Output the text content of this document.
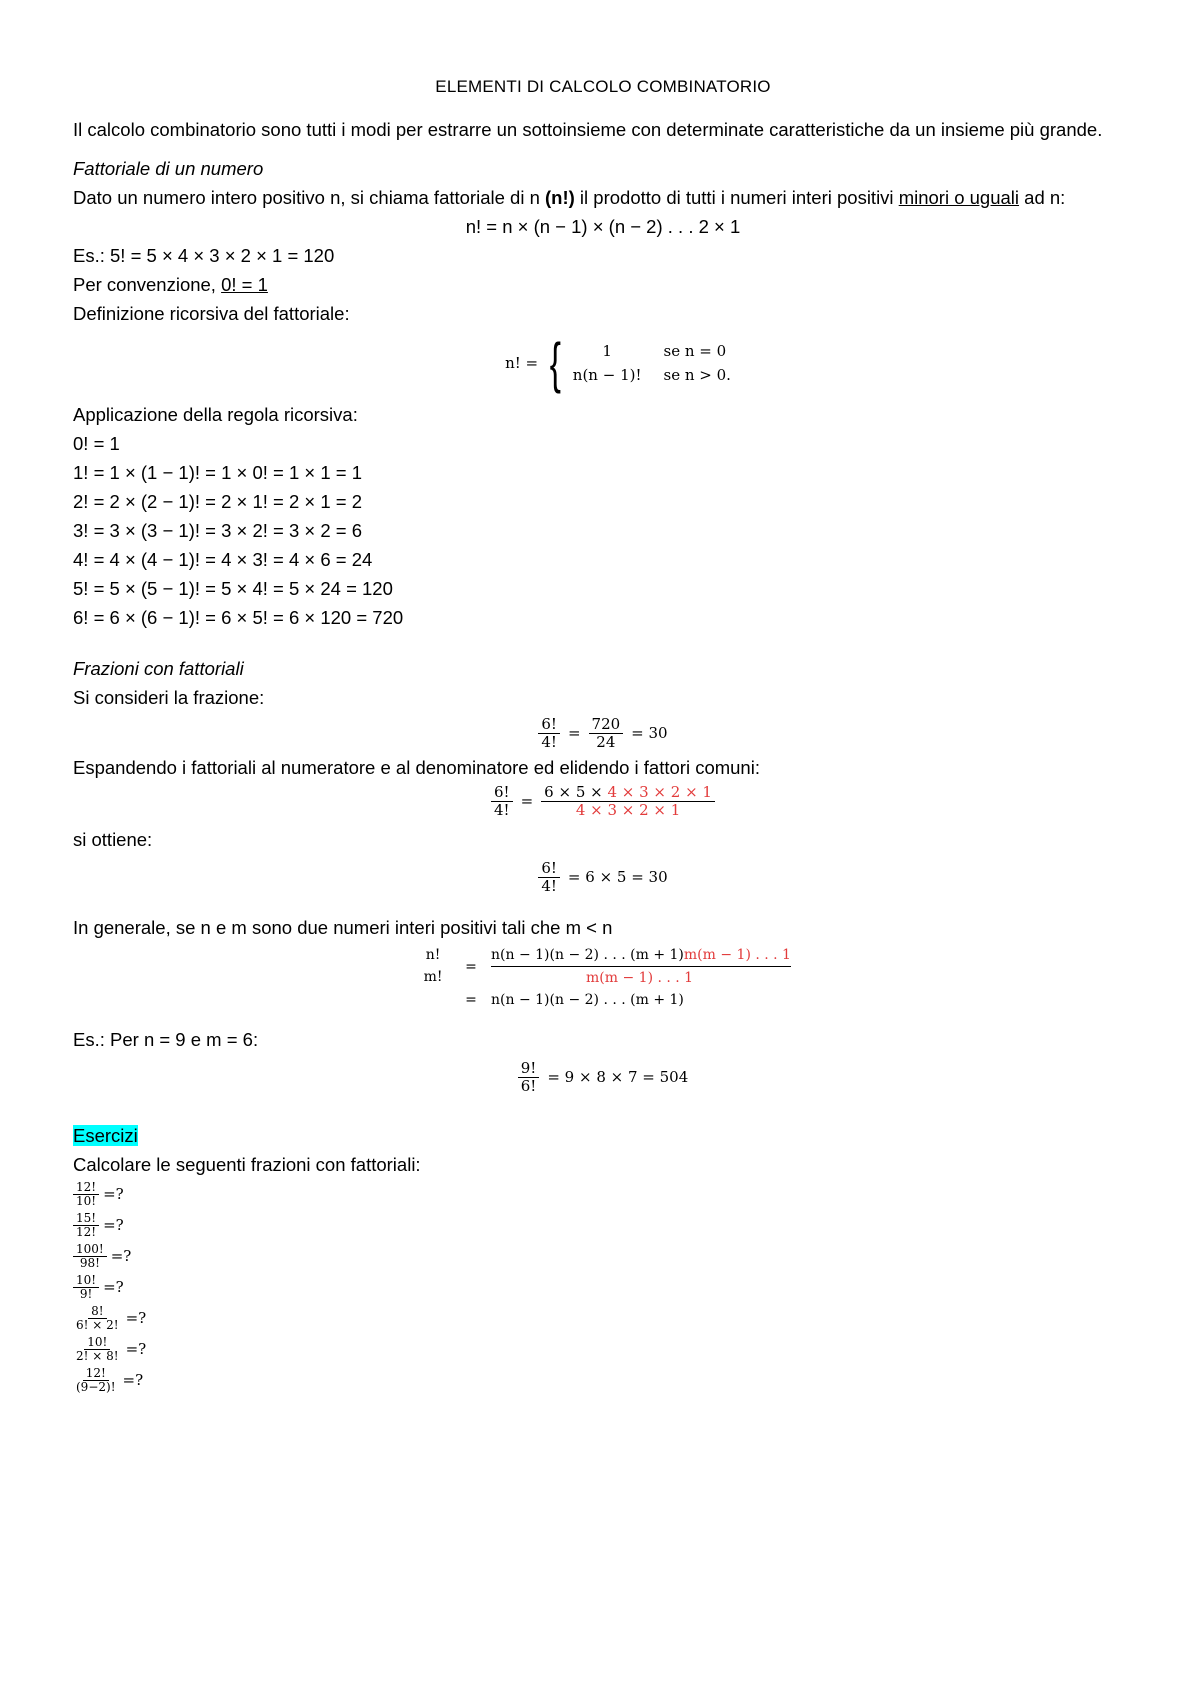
ELEMENTI DI CALCOLO COMBINATORIO
Il calcolo combinatorio sono tutti i modi per estrarre un sottoinsieme con determinate caratteristiche da un insieme più grande.
Fattoriale di un numero
Dato un numero intero positivo n, si chiama fattoriale di n (n!) il prodotto di tutti i numeri interi positivi minori o uguali ad n:
n! = n × (n − 1) × (n − 2) . . . 2 × 1
Es.: 5! = 5 × 4 × 3 × 2 × 1 = 120
Per convenzione, 0! = 1
Definizione ricorsiva del fattoriale:
n! = {	1	se n = 0
n(n − 1)! se n > 0.
Applicazione della regola ricorsiva:
0! = 1
1! = 1 × (1 − 1)! = 1 × 0! = 1 × 1 = 1
2! = 2 × (2 − 1)! = 2 × 1! = 2 × 1 = 2
3! = 3 × (3 − 1)! = 3 × 2! = 3 × 2 = 6
4! = 4 × (4 − 1)! = 4 × 3! = 4 × 6 = 24
5! = 5 × (5 − 1)! = 5 × 4! = 5 × 24 = 120
6! = 6 × (6 − 1)! = 6 × 5! = 6 × 120 = 720
Frazioni con fattoriali
Si consideri la frazione:
$\frac{6!}{4!} = \frac{720}{24} = 30$
Espandendo i fattoriali al numeratore e al denominatore ed elidendo i fattori comuni:
$\frac{6!}{4!} = \frac{6 \times 5 \times 4 \times 3 \times 2 \times 1}{4 \times 3 \times 2 \times 1}$
si ottiene:
$\frac{6!}{4!} = 6 \times 5 = 30$
In generale, se n e m sono due numeri interi positivi tali che m < n
n!
=
n(n − 1)(n − 2) . . . (m + 1)m(m − 1) . . . 1
m!	m(m − 1) . . . 1
=	n(n − 1)(n − 2) . . . (m + 1)
Es.: Per n = 9 e m = 6:
$\frac{9!}{6!} = 9 \times 8 \times 7 = 504$
Esercizi
Calcolare le seguenti frazioni con fattoriali:
$\frac{12!}{10!}$ =?
$\frac{15!}{12!}$ =?
$\frac{100!}{98!}$ =?
$\frac{10!}{9!}$ =?
$\frac{8!}{6! \times 2!}$ =?
$\frac{10!}{2! \times 8!}$ =?
$\frac{12!}{(9-2)!}$ =?
